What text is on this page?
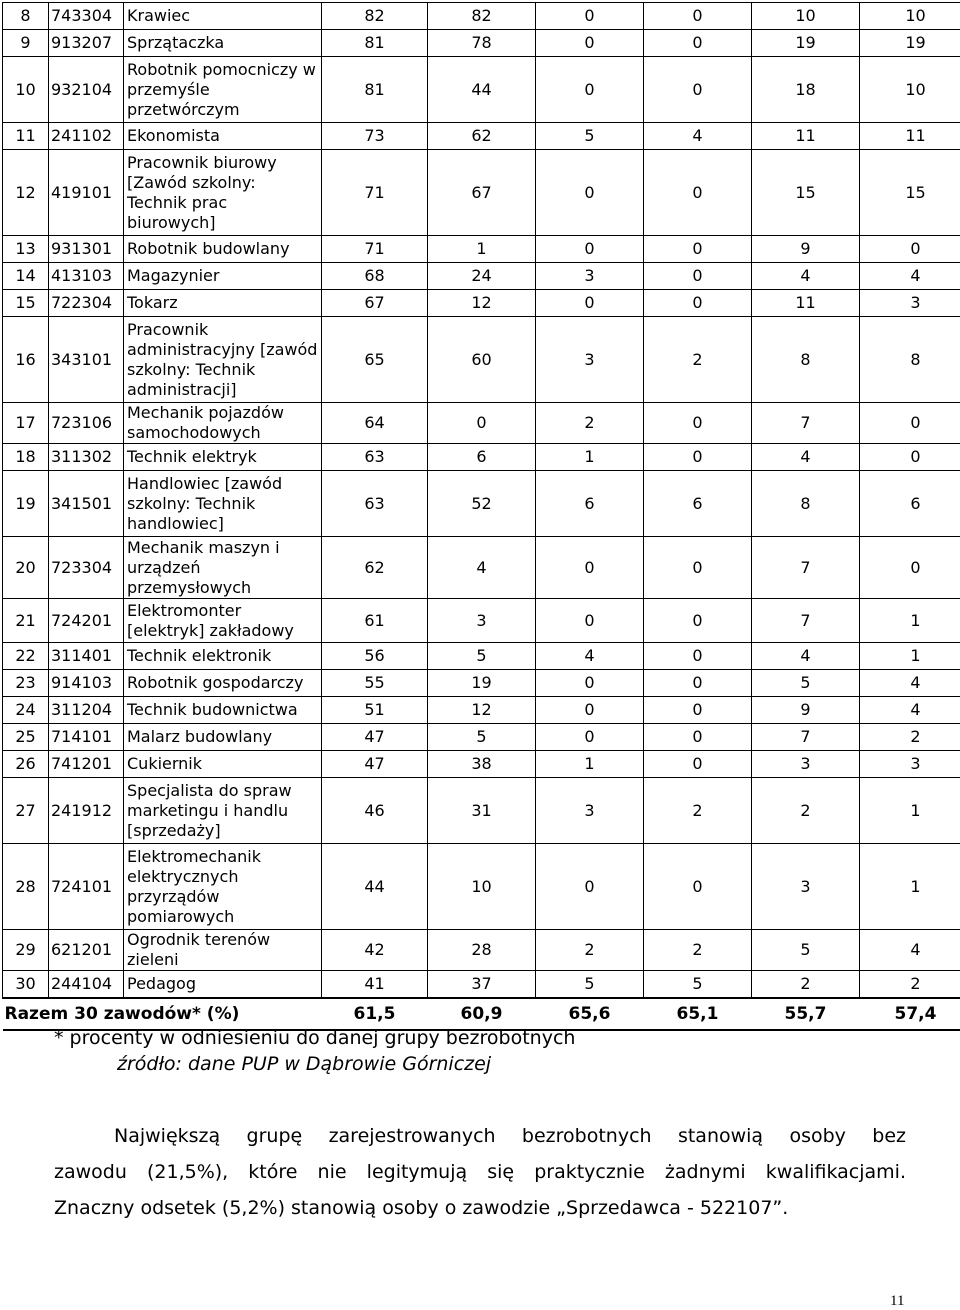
8	743304	Krawiec	82	82	0	0	10	10
9	913207	Sprzątaczka	81	78	0	0	19	19
10	932104	Robotnik pomocniczy w przemyśle przetwórczym	81	44	0	0	18	10
11	241102	Ekonomista	73	62	5	4	11	11
12	419101	Pracownik biurowy [Zawód szkolny: Technik prac biurowych]	71	67	0	0	15	15
13	931301	Robotnik budowlany	71	1	0	0	9	0
14	413103	Magazynier	68	24	3	0	4	4
15	722304	Tokarz	67	12	0	0	11	3
16	343101	Pracownik administracyjny [zawód szkolny: Technik administracji]	65	60	3	2	8	8
17	723106	Mechanik pojazdów samochodowych	64	0	2	0	7	0
18	311302	Technik elektryk	63	6	1	0	4	0
19	341501	Handlowiec [zawód szkolny: Technik handlowiec]	63	52	6	6	8	6
20	723304	Mechanik maszyn i urządzeń przemysłowych	62	4	0	0	7	0
21	724201	Elektromonter [elektryk] zakładowy	61	3	0	0	7	1
22	311401	Technik elektronik	56	5	4	0	4	1
23	914103	Robotnik gospodarczy	55	19	0	0	5	4
24	311204	Technik budownictwa	51	12	0	0	9	4
25	714101	Malarz budowlany	47	5	0	0	7	2
26	741201	Cukiernik	47	38	1	0	3	3
27	241912	Specjalista do spraw marketingu i handlu [sprzedaży]	46	31	3	2	2	1
28	724101	Elektromechanik elektrycznych przyrządów pomiarowych	44	10	0	0	3	1
29	621201	Ogrodnik terenów zieleni	42	28	2	2	5	4
30	244104	Pedagog	41	37	5	5	2	2
Razem 30 zawodów* (%)			61,5	60,9	65,6	65,1	55,7	57,4
* procenty w odniesieniu do danej grupy bezrobotnych
źródło: dane PUP w Dąbrowie Górniczej
Największą grupę zarejestrowanych bezrobotnych stanowią osoby bez
zawodu (21,5%), które nie legitymują się praktycznie żadnymi kwalifikacjami.
Znaczny odsetek (5,2%) stanowią osoby o zawodzie „Sprzedawca - 522107”.
11
